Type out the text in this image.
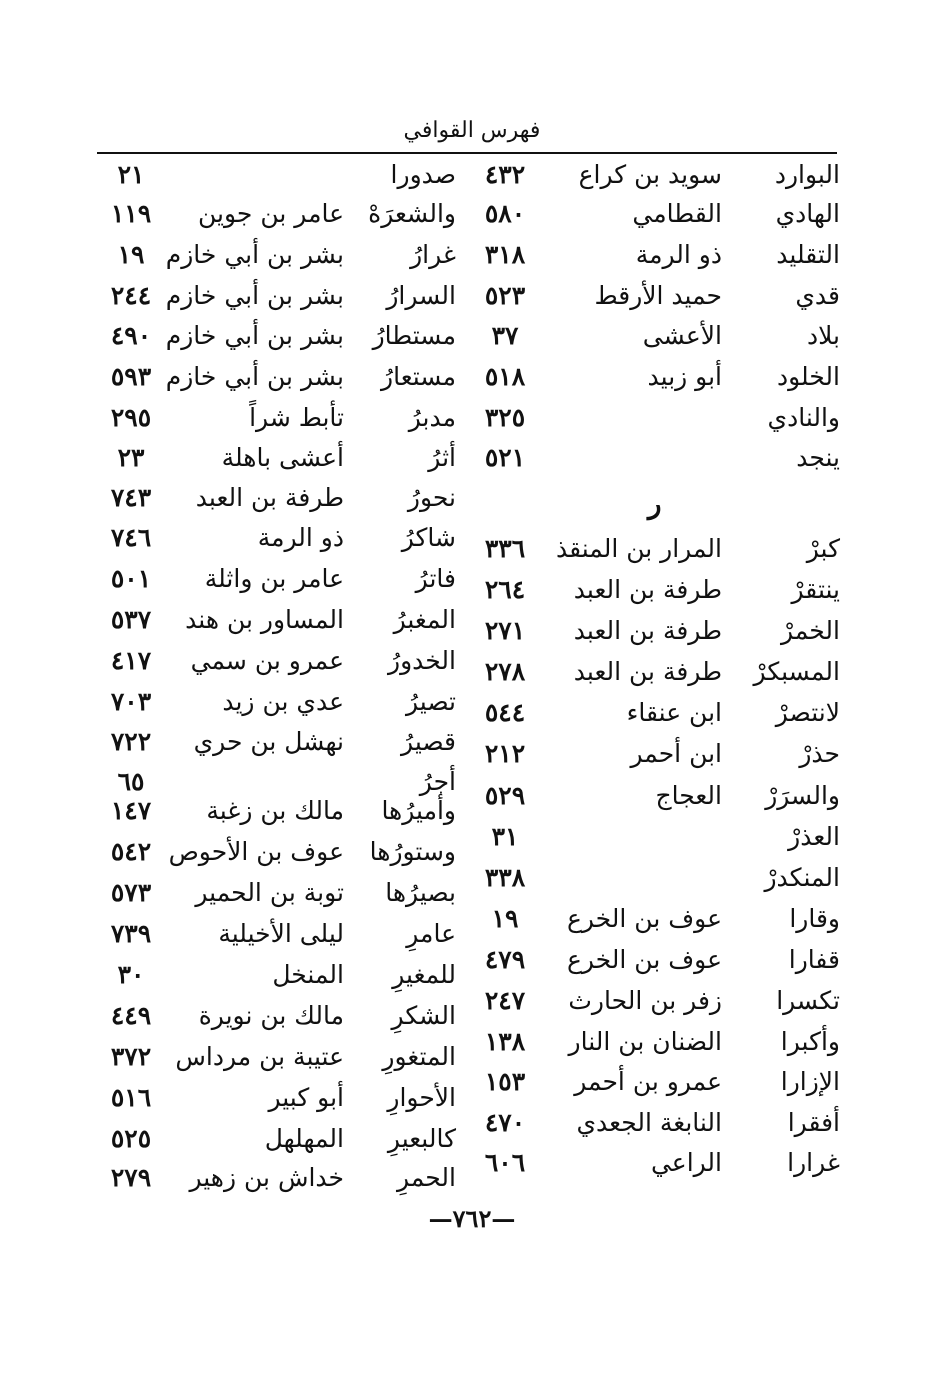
فهرس القوافي
ر
—٧٦٢—
البوارد
سويد بن كراع
٤٣٢
الهادي
القطامي
٥٨٠
التقليد
ذو الرمة
٣١٨
قدي
حميد الأرقط
٥٢٣
بلاد
الأعشى
٣٧
الخلود
أبو زبيد
٥١٨
والنادي
٣٢٥
ينجد
٥٢١
كبرْ
المرار بن المنقذ
٣٣٦
ينتقرْ
طرفة بن العبد
٢٦٤
الخمرْ
طرفة بن العبد
٢٧١
المسبكرْ
طرفة بن العبد
٢٧٨
لانتصرْ
ابن عنقاء
٥٤٤
حذرْ
ابن أحمر
٢١٢
والسرَرْ
العجاج
٥٢٩
العذرْ
٣١
المنكدرْ
٣٣٨
وقارا
عوف بن الخرع
١٩
قفارا
عوف بن الخرع
٤٧٩
تكسرا
زفر بن الحارث
٢٤٧
وأكبرا
الضنان بن النار
١٣٨
الإزارا
عمرو بن أحمر
١٥٣
أفقرا
النابغة الجعدي
٤٧٠
غرارا
الراعي
٦٠٦
صدورا
٢١
والشعرَهْ
عامر بن جوين
١١٩
غرارُ
بشر بن أبي خازم
١٩
السرارُ
بشر بن أبي خازم
٢٤٤
مستطارُ
بشر بن أبي خازم
٤٩٠
مستعارُ
بشر بن أبي خازم
٥٩٣
مدبرُ
تأبط شراً
٢٩٥
أثرُ
أعشى باهلة
٢٣
نحورُ
طرفة بن العبد
٧٤٣
شاكرُ
ذو الرمة
٧٤٦
فاترُ
عامر بن واثلة
٥٠١
المغبرُ
المساور بن هند
٥٣٧
الخدورُ
عمرو بن سمي
٤١٧
تصيرُ
عدي بن زيد
٧٠٣
قصيرُ
نهشل بن حري
٧٢٢
أجرُ
٦٥
وأميرُها
مالك بن زغبة
١٤٧
وستورُها
عوف بن الأحوص
٥٤٢
بصيرُها
توبة بن الحمير
٥٧٣
عامرِ
ليلى الأخيلية
٧٣٩
للمغيرِ
المنخل
٣٠
الشكرِ
مالك بن نويرة
٤٤٩
المتغورِ
عتيبة بن مرداس
٣٧٢
الأحوارِ
أبو كبير
٥١٦
كالبعيرِ
المهلهل
٥٢٥
الحمرِ
خداش بن زهير
٢٧٩
